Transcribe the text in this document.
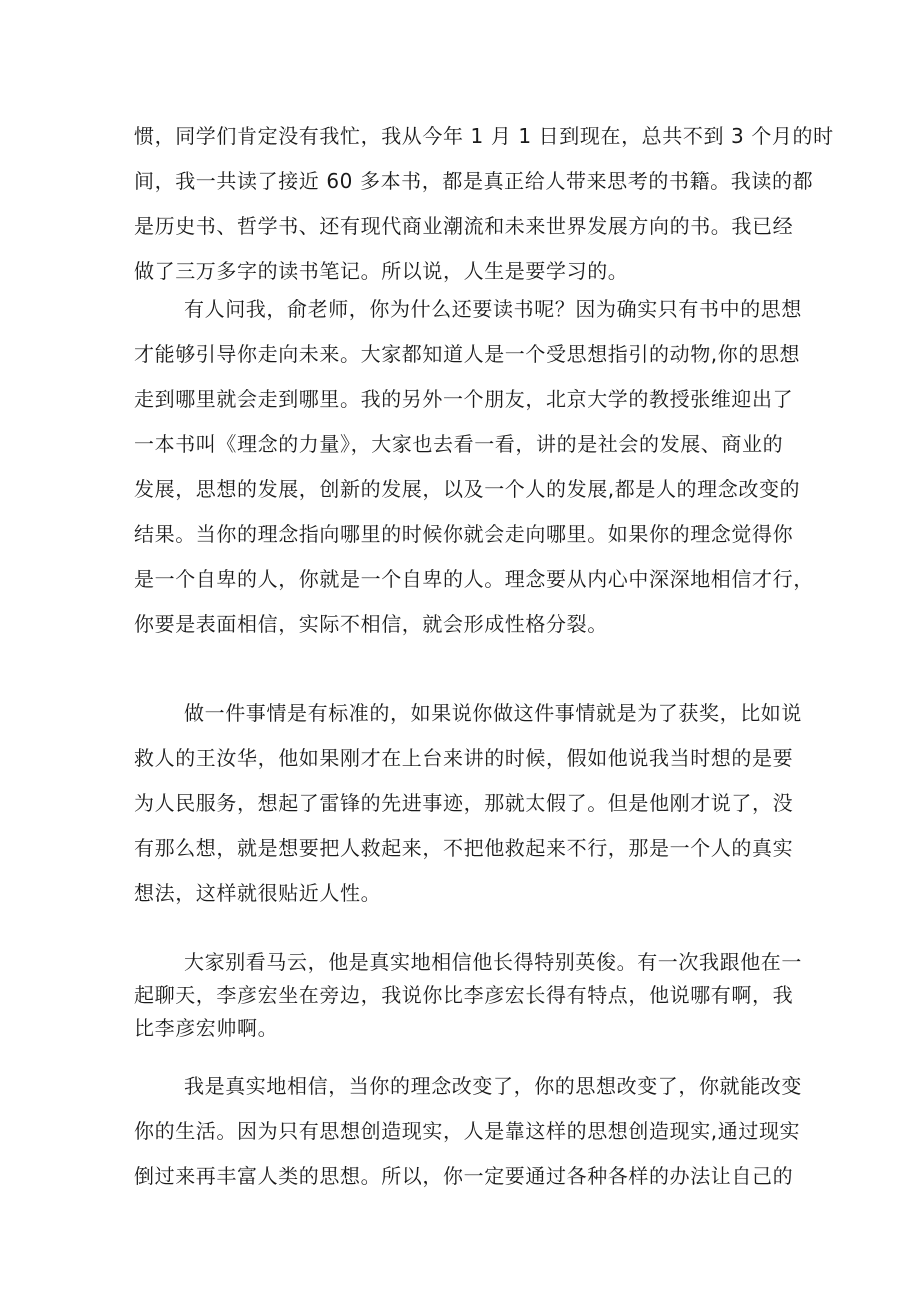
惯，同学们肯定没有我忙，我从今年 1 月 1 日到现在，总共不到 3 个月的时
间，我一共读了接近 60 多本书，都是真正给人带来思考的书籍。我读的都
是历史书、哲学书、还有现代商业潮流和未来世界发展方向的书。我已经
做了三万多字的读书笔记。所以说，人生是要学习的。

有人问我，俞老师，你为什么还要读书呢？因为确实只有书中的思想
才能够引导你走向未来。大家都知道人是一个受思想指引的动物,你的思想
走到哪里就会走到哪里。我的另外一个朋友，北京大学的教授张维迎出了
一本书叫《理念的力量》，大家也去看一看，讲的是社会的发展、商业的
发展，思想的发展，创新的发展，以及一个人的发展,都是人的理念改变的
结果。当你的理念指向哪里的时候你就会走向哪里。如果你的理念觉得你
是一个自卑的人，你就是一个自卑的人。理念要从内心中深深地相信才行，
你要是表面相信，实际不相信，就会形成性格分裂。

做一件事情是有标准的，如果说你做这件事情就是为了获奖，比如说
救人的王汝华，他如果刚才在上台来讲的时候，假如他说我当时想的是要
为人民服务，想起了雷锋的先进事迹，那就太假了。但是他刚才说了，没
有那么想，就是想要把人救起来，不把他救起来不行，那是一个人的真实
想法，这样就很贴近人性。

大家别看马云，他是真实地相信他长得特别英俊。有一次我跟他在一
起聊天，李彦宏坐在旁边，我说你比李彦宏长得有特点，他说哪有啊，我
比李彦宏帅啊。

我是真实地相信，当你的理念改变了，你的思想改变了，你就能改变
你的生活。因为只有思想创造现实，人是靠这样的思想创造现实,通过现实
倒过来再丰富人类的思想。所以，你一定要通过各种各样的办法让自己的
